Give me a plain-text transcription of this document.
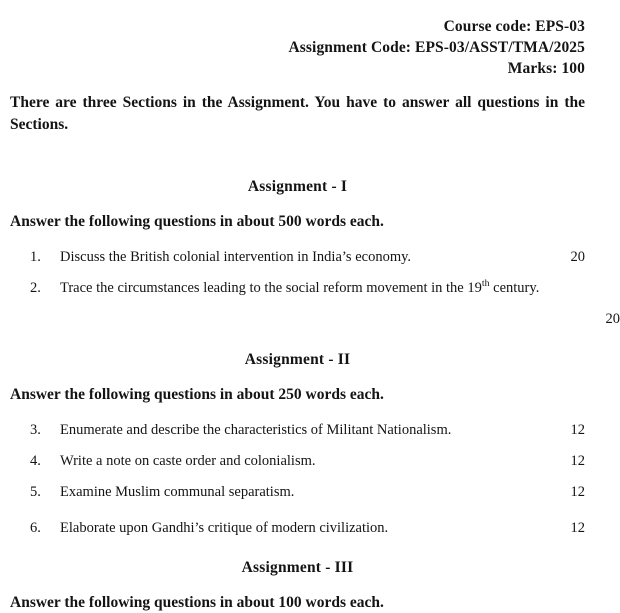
Course code: EPS-03
Assignment Code: EPS-03/ASST/TMA/2025
Marks: 100
There are three Sections in the Assignment. You have to answer all questions in the Sections.
Assignment - I
Answer the following questions in about 500 words each.
1.	Discuss the British colonial intervention in India’s economy.	20
2.	Trace the circumstances leading to the social reform movement in the 19th century.
20
Assignment - II
Answer the following questions in about 250 words each.
3.	Enumerate and describe the characteristics of Militant Nationalism.	12
4.	Write a note on caste order and colonialism.	12
5.	Examine Muslim communal separatism.	12
6.	Elaborate upon Gandhi’s critique of modern civilization.	12
Assignment - III
Answer the following questions in about 100 words each.
